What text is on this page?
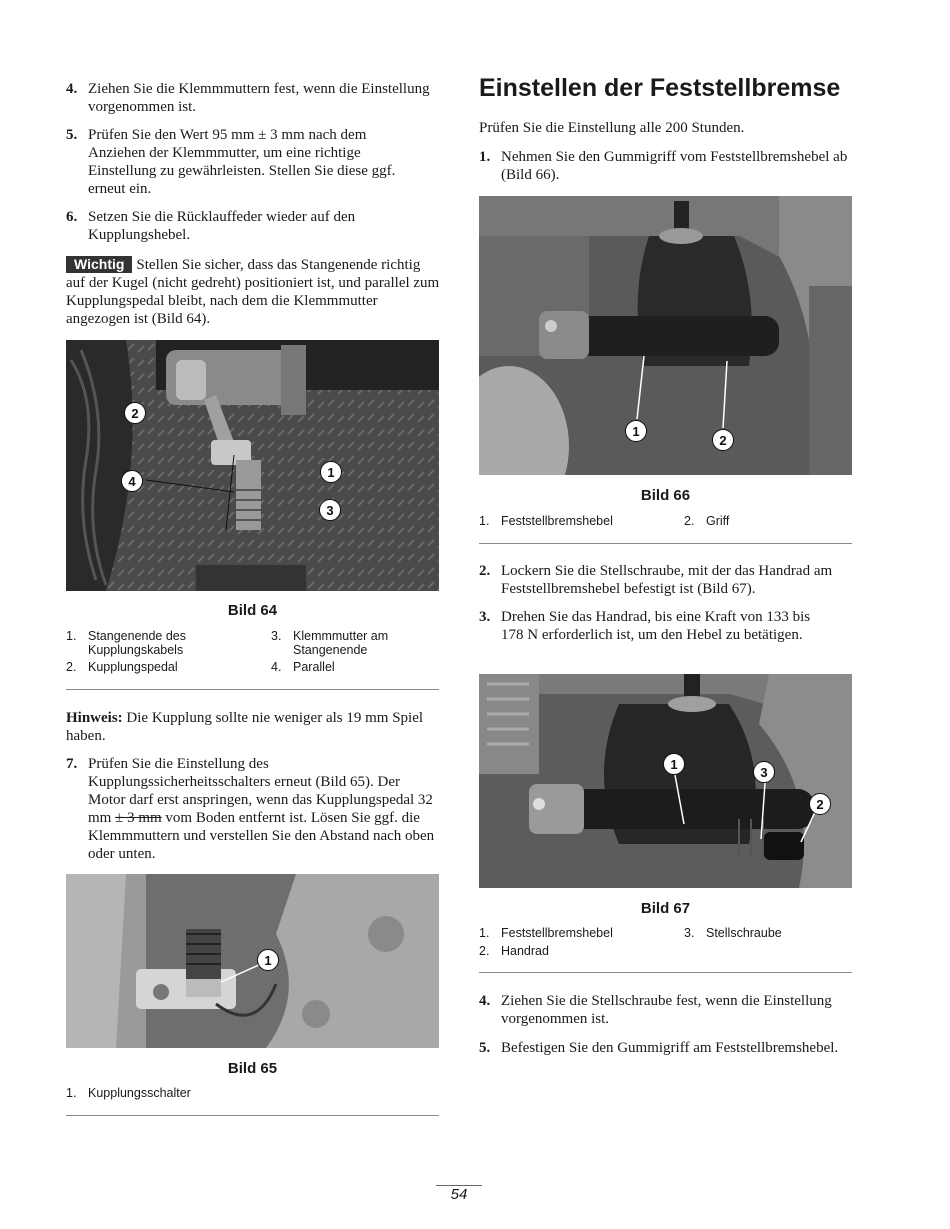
4. Ziehen Sie die Klemmmuttern fest, wenn die Einstellung vorgenommen ist.
5. Prüfen Sie den Wert 95 mm ± 3 mm nach dem Anziehen der Klemmmutter, um eine richtige Einstellung zu gewährleisten. Stellen Sie diese ggf. erneut ein.
6. Setzen Sie die Rücklauffeder wieder auf den Kupplungshebel.
Wichtig Stellen Sie sicher, dass das Stangenende richtig auf der Kugel (nicht gedreht) positioniert ist, und parallel zum Kupplungspedal bleibt, nach dem die Klemmmutter angezogen ist (Bild 64).
2
1
4
3
Bild 64
1. Stangenende des Kupplungskabels
2. Kupplungspedal
3. Klemmmutter am Stangenende
4. Parallel
Hinweis: Die Kupplung sollte nie weniger als 19 mm Spiel haben.
7. Prüfen Sie die Einstellung des Kupplungssicherheitsschalters erneut (Bild 65). Der Motor darf erst anspringen, wenn das Kupplungspedal 32 mm ± 3 mm vom Boden entfernt ist. Lösen Sie ggf. die Klemmmuttern und verstellen Sie den Abstand nach oben oder unten.
1
Bild 65
1. Kupplungsschalter
Einstellen der Feststellbremse
Prüfen Sie die Einstellung alle 200 Stunden.
1. Nehmen Sie den Gummigriff vom Feststellbremshebel ab (Bild 66).
1
2
Bild 66
1. Feststellbremshebel	2. Griff
2. Lockern Sie die Stellschraube, mit der das Handrad am Feststellbremshebel befestigt ist (Bild 67).
3. Drehen Sie das Handrad, bis eine Kraft von 133 bis 178 N erforderlich ist, um den Hebel zu betätigen.
1
3
2
Bild 67
1. Feststellbremshebel
2. Handrad
3. Stellschraube
4. Ziehen Sie die Stellschraube fest, wenn die Einstellung vorgenommen ist.
5. Befestigen Sie den Gummigriff am Feststellbremshebel.
54
